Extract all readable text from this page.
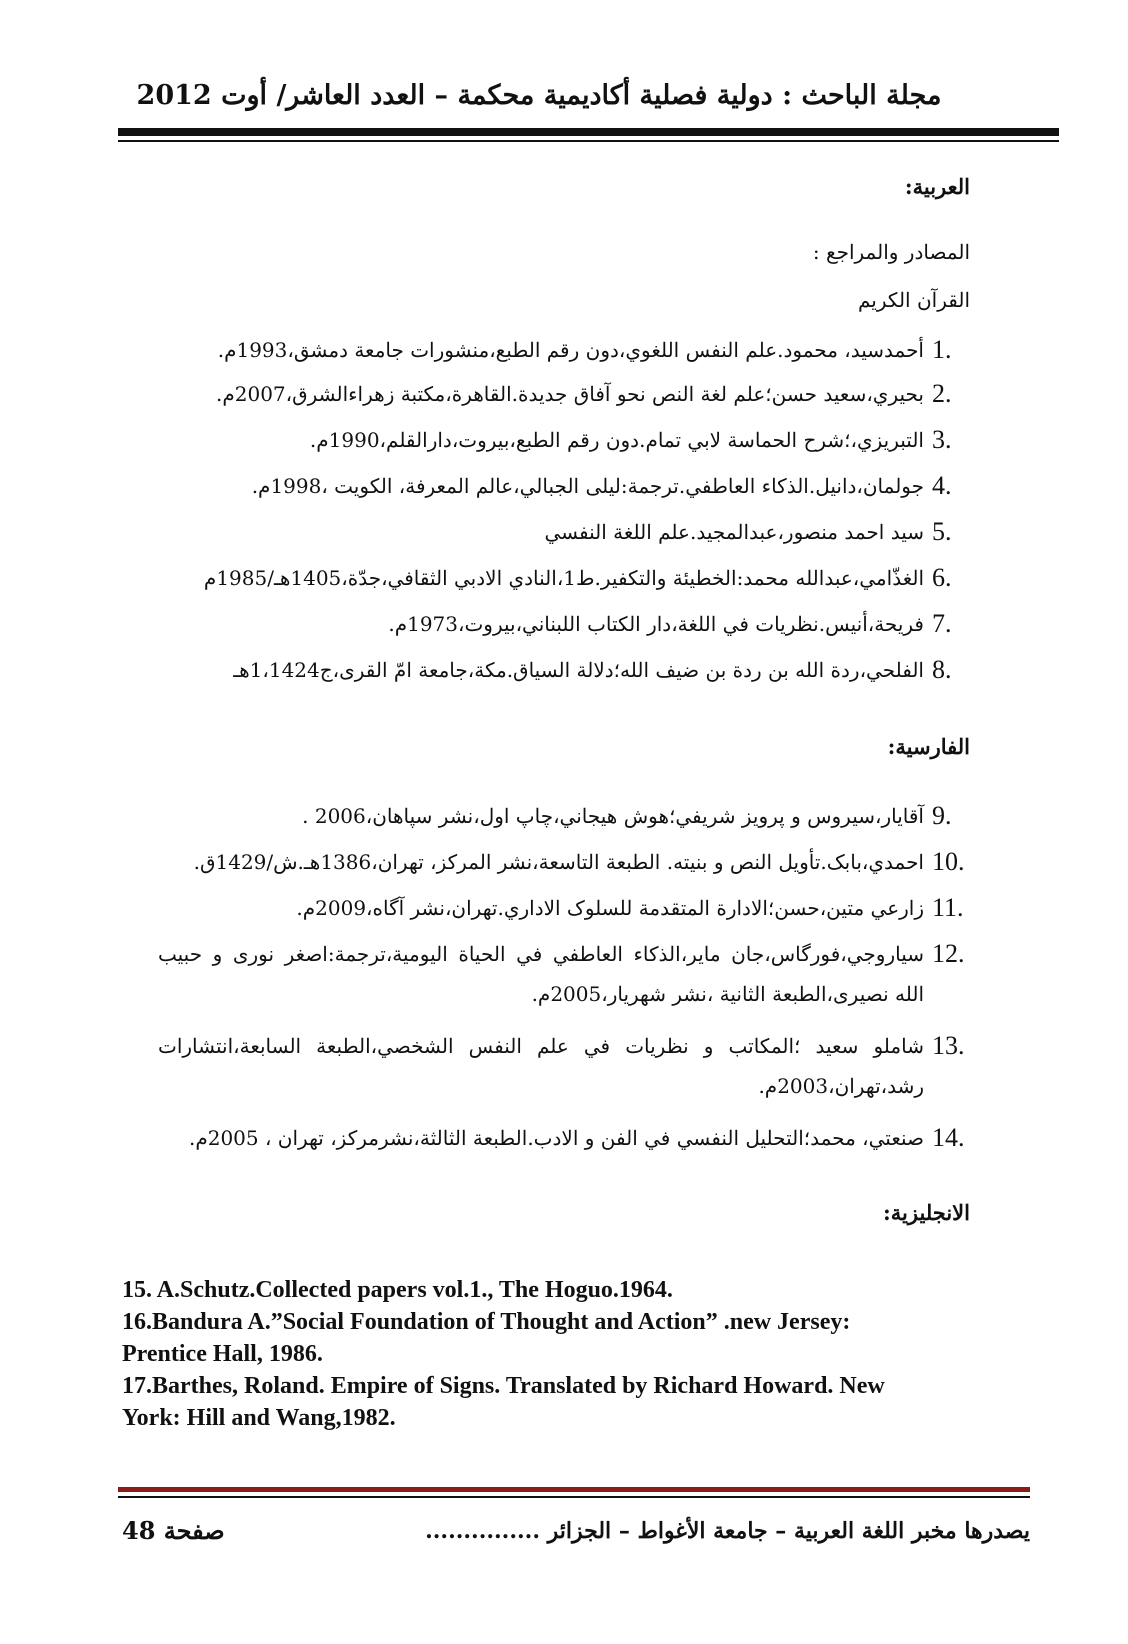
مجلة الباحث : دولية فصلية أكاديمية محكمة – العدد العاشر/ أوت 2012
العربية:
المصادر والمراجع :
القرآن الكريم
1.
أحمدسيد، محمود.علم النفس اللغوي،دون رقم الطبع،منشورات جامعة دمشق،1993م.
2.
بحيري،سعيد حسن؛علم لغة النص نحو آفاق جديدة.القاهرة،مكتبة زهراءالشرق،2007م.
3.
التبريزي،؛شرح الحماسة لابي تمام.دون رقم الطبع،بيروت،دارالقلم،1990م.
4.
جولمان،دانيل.الذكاء العاطفي.ترجمة:ليلى الجبالي،عالم المعرفة، الكويت ،1998م.
5.
سيد احمد منصور،عبدالمجيد.علم اللغة النفسي
6.
الغذّامي،عبدالله محمد:الخطيئة والتكفير.ط1،النادي الادبي الثقافي،جدّة،1405هـ/1985م
7.
فريحة،أنيس.نظريات في اللغة،دار الكتاب اللبناني،بيروت،1973م.
8.
الفلحي،ردة الله بن ردة بن ضيف الله؛دلالة السياق.مكة،جامعة امّ القرى،ج1،1424هـ
الفارسية:
9.
آقايار،سيروس و پرويز شريفي؛هوش هيجاني،چاپ اول،نشر سپاهان،2006 .
10.
احمدي،بابک.تأويل النص و بنيته. الطبعة التاسعة،نشر المركز، تهران،1386هـ.ش/1429ق.
11.
زارعي متين،حسن؛الادارة المتقدمة للسلوک الاداري.تهران،نشر آگاه،2009م.
12.
سياروجي،فورگاس،جان ماير،الذكاء العاطفي في الحياة اليومية،ترجمة:اصغر نورى و حبيب الله نصيرى،الطبعة الثانية ،نشر شهريار،2005م.
13.
شاملو سعيد ؛المكاتب و نظريات في علم النفس الشخصي،الطبعة السابعة،انتشارات رشد،تهران،2003م.
14.
صنعتي، محمد؛التحليل النفسي في الفن و الادب.الطبعة الثالثة،نشرمركز، تهران ، 2005م.
الانجليزية:
15. A.Schutz.Collected papers vol.1., The Hoguo.1964.
16.Bandura A.”Social Foundation of Thought and Action” .new Jersey: Prentice Hall, 1986.
17.Barthes, Roland. Empire of Signs. Translated by Richard Howard. New York: Hill and Wang,1982.
يصدرها مخبر اللغة العربية – جامعة الأغواط – الجزائر ...............
صفحة 48
